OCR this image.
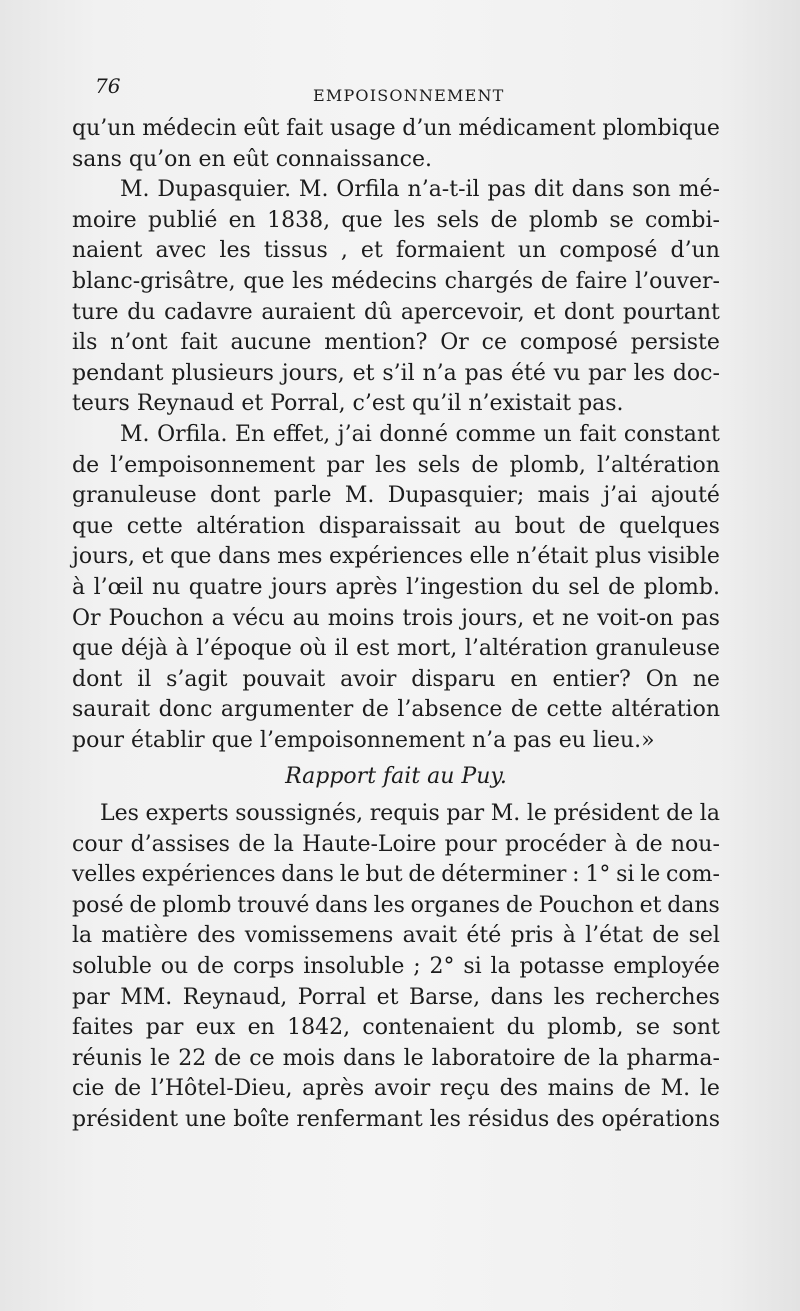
76	EMPOISONNEMENT
qu’un médecin eût fait usage d’un médicament plombique
sans qu’on en eût connaissance.
M. Dupasquier. M. Orfila n’a-t-il pas dit dans son mé-
moire publié en 1838, que les sels de plomb se combi-
naient avec les tissus , et formaient un composé d’un
blanc-grisâtre, que les médecins chargés de faire l’ouver-
ture du cadavre auraient dû apercevoir, et dont pourtant
ils n’ont fait aucune mention? Or ce composé persiste
pendant plusieurs jours, et s’il n’a pas été vu par les doc-
teurs Reynaud et Porral, c’est qu’il n’existait pas.
M. Orfila. En effet, j’ai donné comme un fait constant
de l’empoisonnement par les sels de plomb, l’altération
granuleuse dont parle M. Dupasquier; mais j’ai ajouté
que cette altération disparaissait au bout de quelques
jours, et que dans mes expériences elle n’était plus visible
à l’œil nu quatre jours après l’ingestion du sel de plomb.
Or Pouchon a vécu au moins trois jours, et ne voit-on pas
que déjà à l’époque où il est mort, l’altération granuleuse
dont il s’agit pouvait avoir disparu en entier? On ne
saurait donc argumenter de l’absence de cette altération
pour établir que l’empoisonnement n’a pas eu lieu.»
Rapport fait au Puy.
Les experts soussignés, requis par M. le président de la
cour d’assises de la Haute-Loire pour procéder à de nou-
velles expériences dans le but de déterminer : 1° si le com-
posé de plomb trouvé dans les organes de Pouchon et dans
la matière des vomissemens avait été pris à l’état de sel
soluble ou de corps insoluble ; 2° si la potasse employée
par MM. Reynaud, Porral et Barse, dans les recherches
faites par eux en 1842, contenaient du plomb, se sont
réunis le 22 de ce mois dans le laboratoire de la pharma-
cie de l’Hôtel-Dieu, après avoir reçu des mains de M. le
président une boîte renfermant les résidus des opérations
